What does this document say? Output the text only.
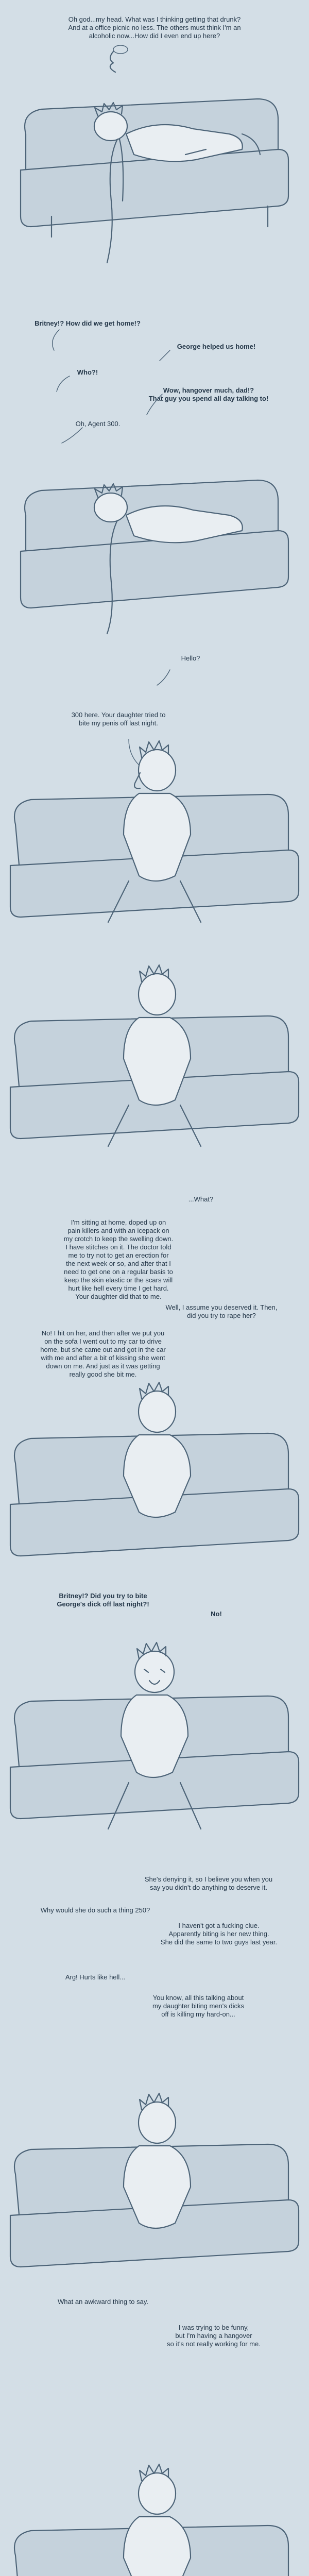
Oh god...my head. What was I thinking getting that drunk?
And at a office picnic no less. The others must think I'm an
alcoholic now...How did I even end up here?
Britney!? How did we get home!?
George helped us home!
Who?!
Wow, hangover much, dad!?
That guy you spend all day talking to!
Oh, Agent 300.
Hello?
300 here. Your daughter tried to
bite my penis off last night.
...What?
I'm sitting at home, doped up on
pain killers and with an icepack on
my crotch to keep the swelling down.
I have stitches on it. The doctor told
me to try not to get an erection for
the next week or so, and after that I
need to get one on a regular basis to
keep the skin elastic or the scars will
hurt like hell every time I get hard.
Your daughter did that to me.
Well, I assume you deserved it. Then,
did you try to rape her?
No! I hit on her, and then after we put you
on the sofa I went out to my car to drive
home, but she came out and got in the car
with me and after a bit of kissing she went
down on me. And just as it was getting
really good she bit me.
Britney!? Did you try to bite
George's dick off last night?!
No!
She's denying it, so I believe you when you
say you didn't do anything to deserve it.
Why would she do such a thing 250?
I haven't got a fucking clue.
Apparently biting is her new thing.
She did the same to two guys last year.
Arg! Hurts like hell...
You know, all this talking about
my daughter biting men's dicks
off is killing my hard-on...
What an awkward thing to say.
I was trying to be funny,
but I'm having a hangover
so it's not really working for me.
